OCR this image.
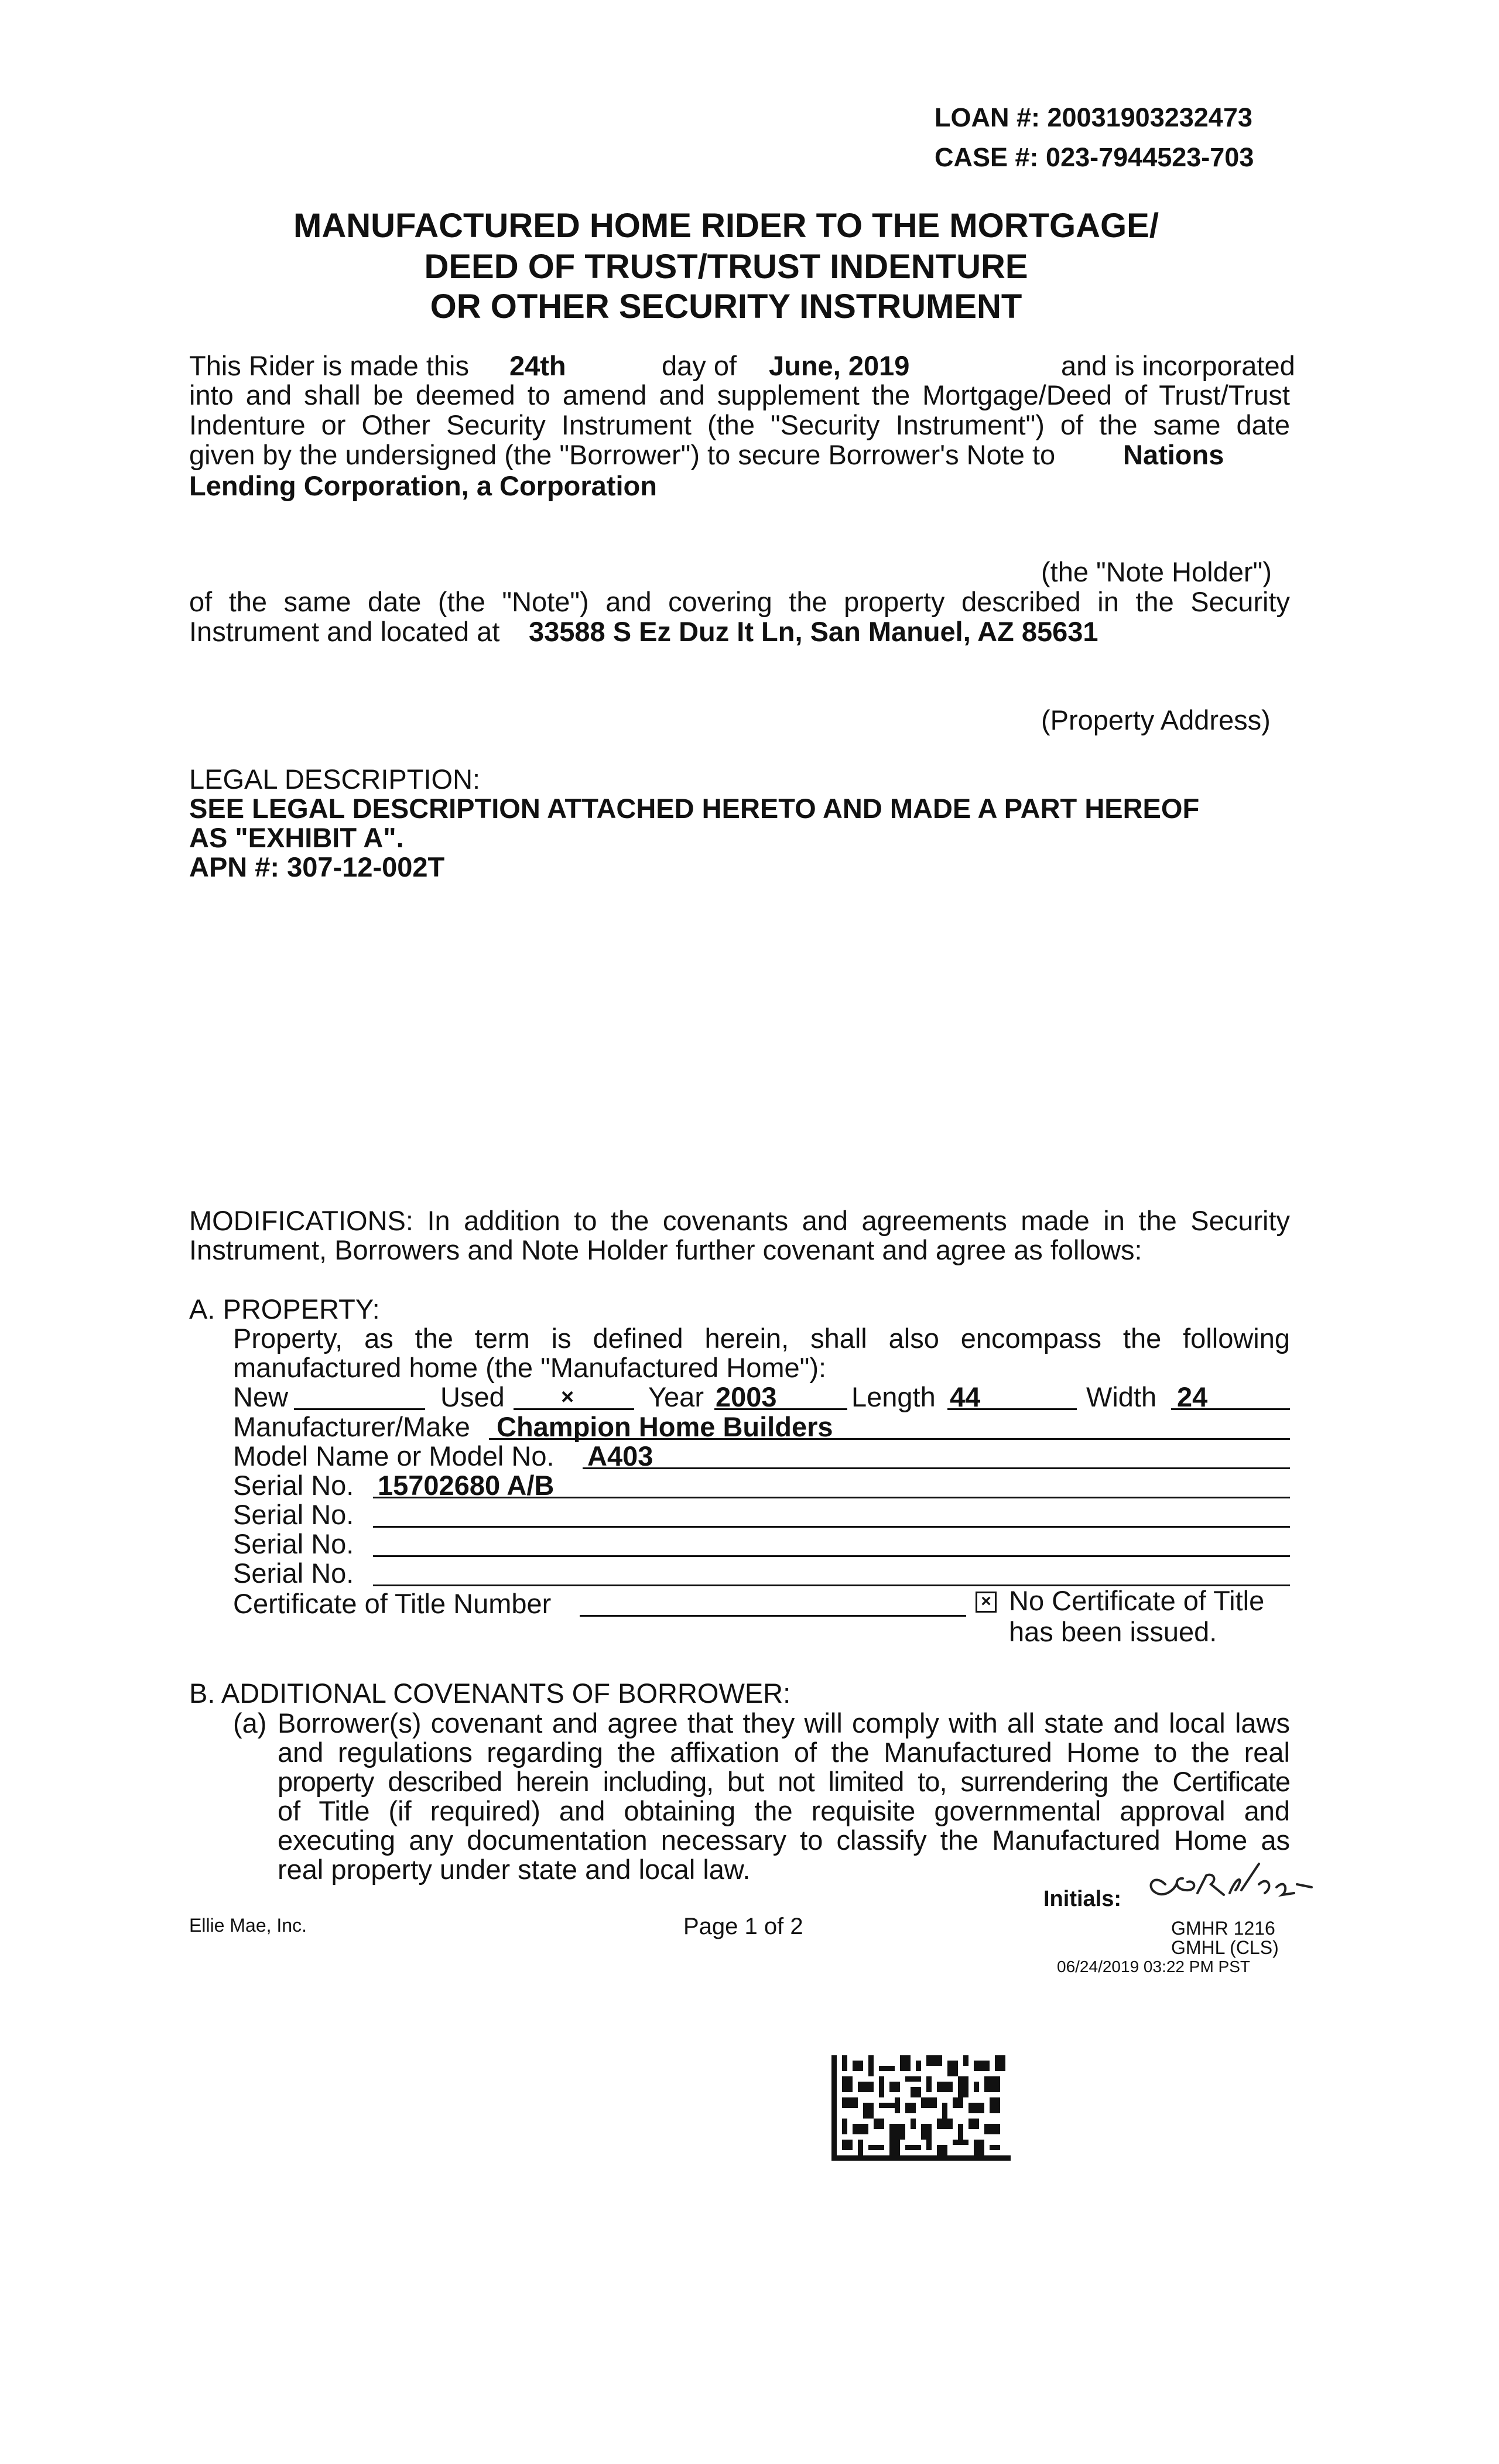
LOAN #: 20031903232473
CASE #: 023-7944523-703
MANUFACTURED HOME RIDER TO THE MORTGAGE/
DEED OF TRUST/TRUST INDENTURE
OR OTHER SECURITY INSTRUMENT
This Rider is made this 24th	day of June, 2019	and is incorporated
into and shall be deemed to amend and supplement the Mortgage/Deed of Trust/Trust
Indenture or Other Security Instrument (the "Security Instrument") of the same date
given by the undersigned (the "Borrower") to secure Borrower's Note to Nations
Lending Corporation, a Corporation
(the "Note Holder")
of the same date (the "Note") and covering the property described in the Security
Instrument and located at 33588 S Ez Duz It Ln, San Manuel, AZ 85631
(Property Address)
LEGAL DESCRIPTION:
SEE LEGAL DESCRIPTION ATTACHED HERETO AND MADE A PART HEREOF
AS "EXHIBIT A".
APN #: 307-12-002T
MODIFICATIONS: In addition to the covenants and agreements made in the Security
Instrument, Borrowers and Note Holder further covenant and agree as follows:
A. PROPERTY:
Property, as the term is defined herein, shall also encompass the following
manufactured home (the "Manufactured Home"):
New	Used	×	Year 2003	Length 44	Width 24
Manufacturer/Make Champion Home Builders
Model Name or Model No. A403
Serial No. 15702680 A/B
Serial No.
Serial No.
Serial No.
Certificate of Title Number	× No Certificate of Title
has been issued.
B. ADDITIONAL COVENANTS OF BORROWER:
(a) Borrower(s) covenant and agree that they will comply with all state and local laws
and regulations regarding the affixation of the Manufactured Home to the real
property described herein including, but not limited to, surrendering the Certificate
of Title (if required) and obtaining the requisite governmental approval and
executing any documentation necessary to classify the Manufactured Home as
real property under state and local law.
Initials:
Ellie Mae, Inc.	Page 1 of 2	GMHR 1216
GMHL (CLS)
06/24/2019 03:22 PM PST
